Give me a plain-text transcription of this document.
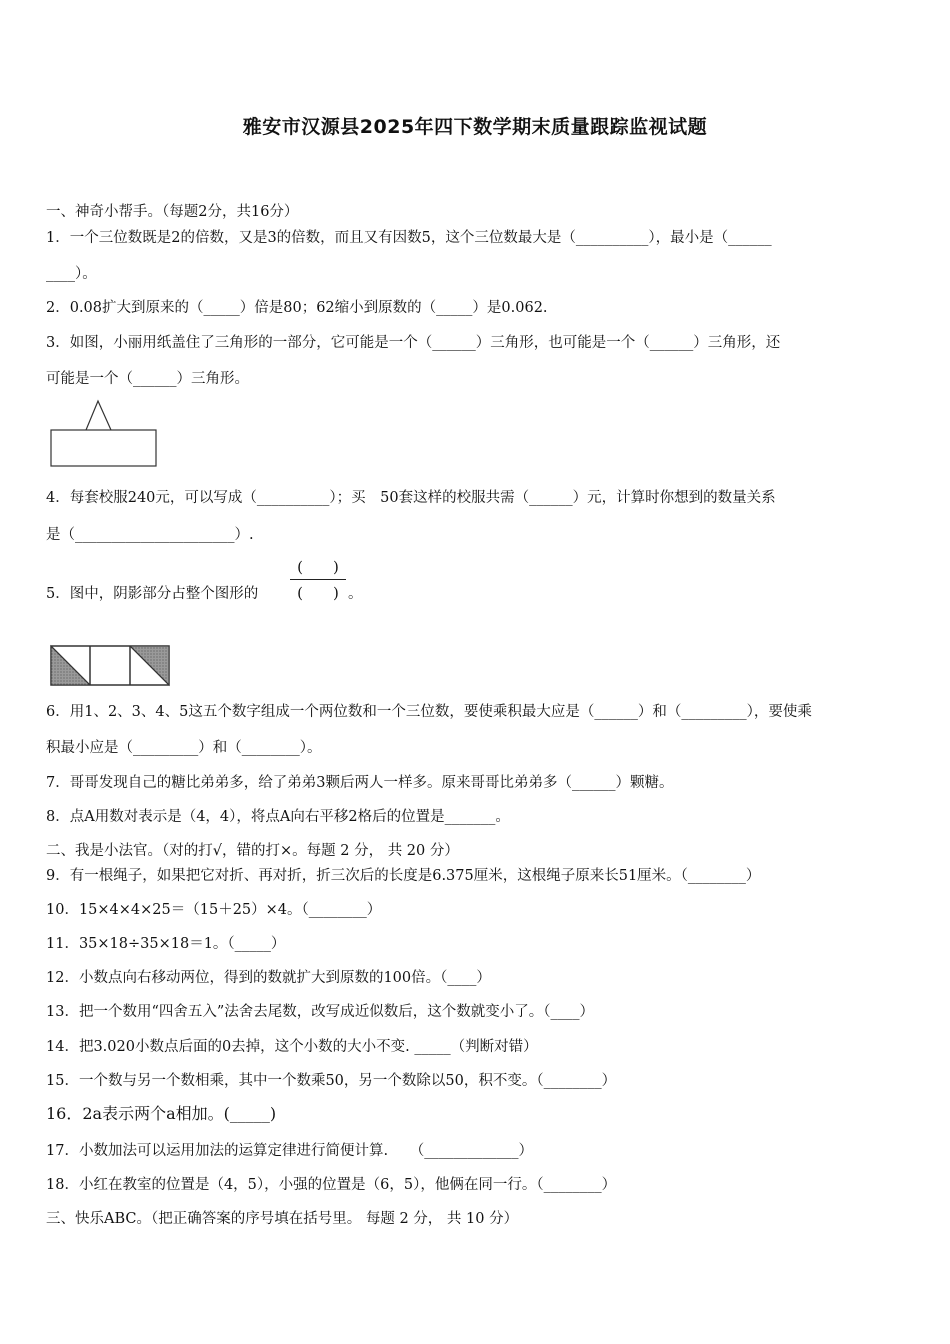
雅安市汉源县2025年四下数学期末质量跟踪监视试题
一、神奇小帮手。（每题2分，共16分）
1．一个三位数既是2的倍数，又是3的倍数，而且又有因数5，这个三位数最大是（__________），最小是（______
____）。
2．0.08扩大到原来的（_____）倍是80；62缩小到原数的（_____）是0.062.
3．如图，小丽用纸盖住了三角形的一部分，它可能是一个（______）三角形，也可能是一个（______）三角形，还
可能是一个（______）三角形。
4．每套校服240元，可以写成（__________）；买　50套这样的校服共需（______）元，计算时你想到的数量关系
是（______________________）.
5．图中，阴影部分占整个图形的
(　　)
(　　) 。
6．用1、2、3、4、5这五个数字组成一个两位数和一个三位数，要使乘积最大应是（______）和（_________），要使乘
积最小应是（_________）和（________）。
7．哥哥发现自己的糖比弟弟多，给了弟弟3颗后两人一样多。原来哥哥比弟弟多（______）颗糖。
8．点A用数对表示是（4，4），将点A向右平移2格后的位置是_______。
二、我是小法官。（对的打√，错的打×。每题 2 分， 共 20 分）
9．有一根绳子，如果把它对折、再对折，折三次后的长度是6.375厘米，这根绳子原来长51厘米。（________）
10．15×4×4×25＝（15＋25）×4。（________）
11．35×18÷35×18＝1。（_____）
12．小数点向右移动两位，得到的数就扩大到原数的100倍。（____）
13．把一个数用“四舍五入”法舍去尾数，改写成近似数后，这个数就变小了。（____）
14．把3.020小数点后面的0去掉，这个小数的大小不变. _____（判断对错）
15．一个数与另一个数相乘，其中一个数乘50，另一个数除以50，积不变。（________）
16．2a表示两个a相加。(_____)
17．小数加法可以运用加法的运算定律进行简便计算.　　（_____________）
18．小红在教室的位置是（4，5），小强的位置是（6，5），他俩在同一行。（________）
三、快乐ABC。（把正确答案的序号填在括号里。 每题 2 分， 共 10 分）
